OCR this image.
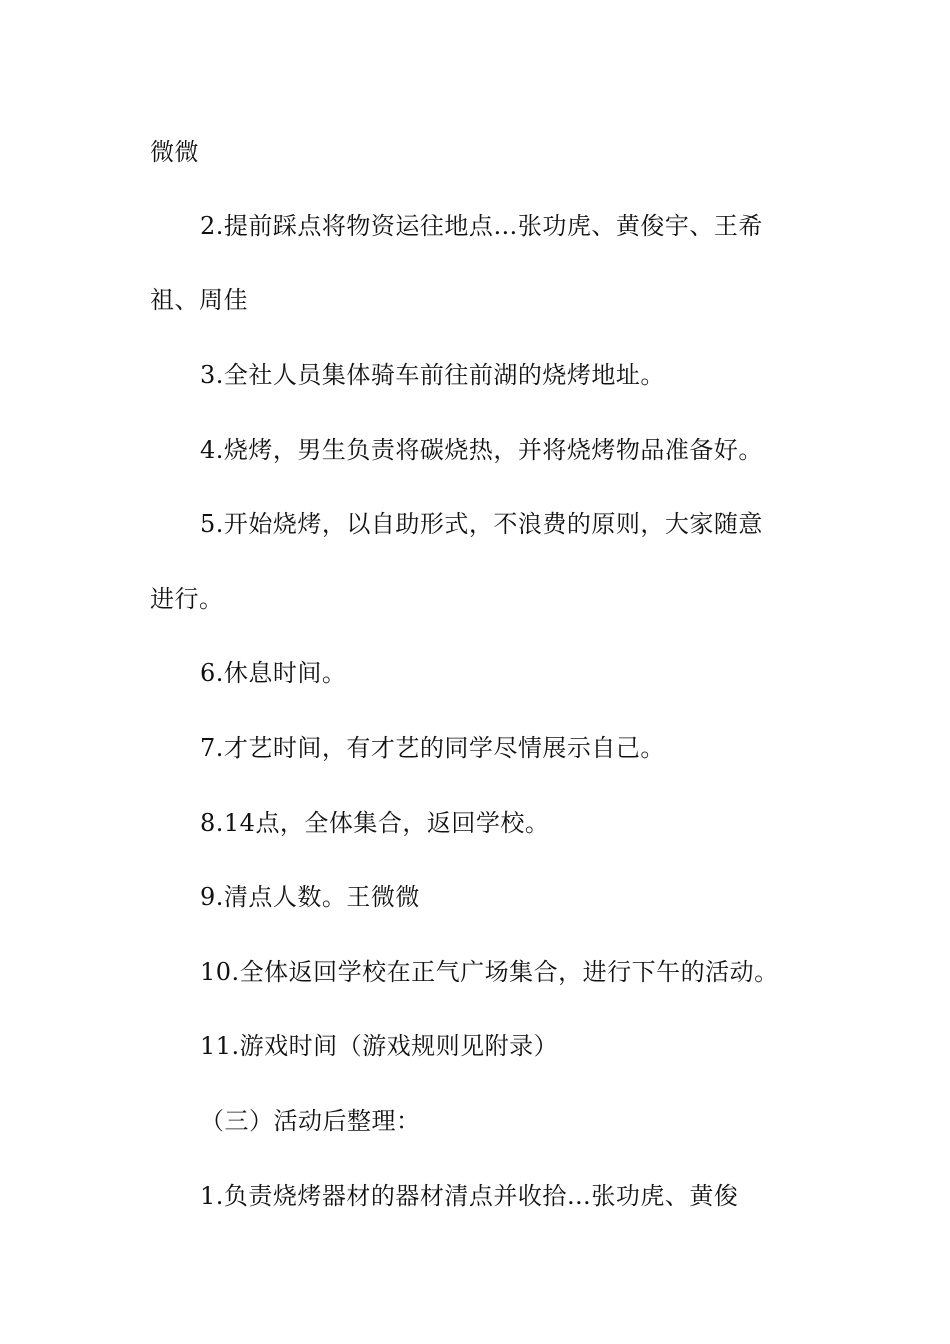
微微
2.提前踩点将物资运往地点…张功虎、黄俊宇、王希
祖、周佳
3.全社人员集体骑车前往前湖的烧烤地址。
4.烧烤，男生负责将碳烧热，并将烧烤物品准备好。
5.开始烧烤，以自助形式，不浪费的原则，大家随意
进行。
6.休息时间。
7.才艺时间，有才艺的同学尽情展示自己。
8.14点，全体集合，返回学校。
9.清点人数。王微微
10.全体返回学校在正气广场集合，进行下午的活动。
11.游戏时间（游戏规则见附录）
（三）活动后整理：
1.负责烧烤器材的器材清点并收拾…张功虎、黄俊
